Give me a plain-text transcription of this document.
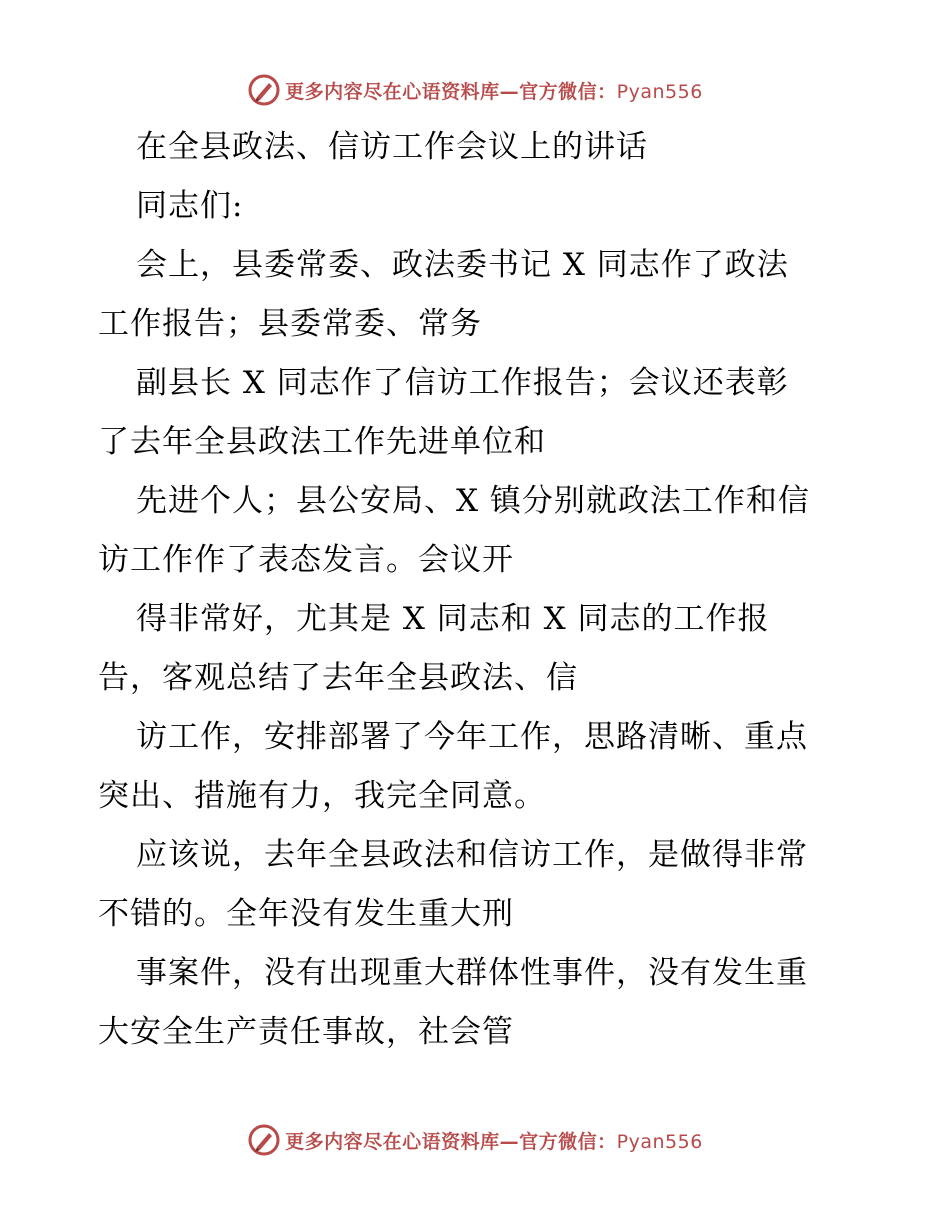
更多内容尽在心语资料库—官方微信：Pyan556
在全县政法、信访工作会议上的讲话
同志们:
会上，县委常委、政法委书记 X 同志作了政法
工作报告；县委常委、常务
副县长 X 同志作了信访工作报告；会议还表彰
了去年全县政法工作先进单位和
先进个人；县公安局、X 镇分别就政法工作和信
访工作作了表态发言。会议开
得非常好，尤其是 X 同志和 X 同志的工作报
告，客观总结了去年全县政法、信
访工作，安排部署了今年工作，思路清晰、重点
突出、措施有力，我完全同意。
应该说，去年全县政法和信访工作，是做得非常
不错的。全年没有发生重大刑
事案件，没有出现重大群体性事件，没有发生重
大安全生产责任事故，社会管
更多内容尽在心语资料库—官方微信：Pyan556
